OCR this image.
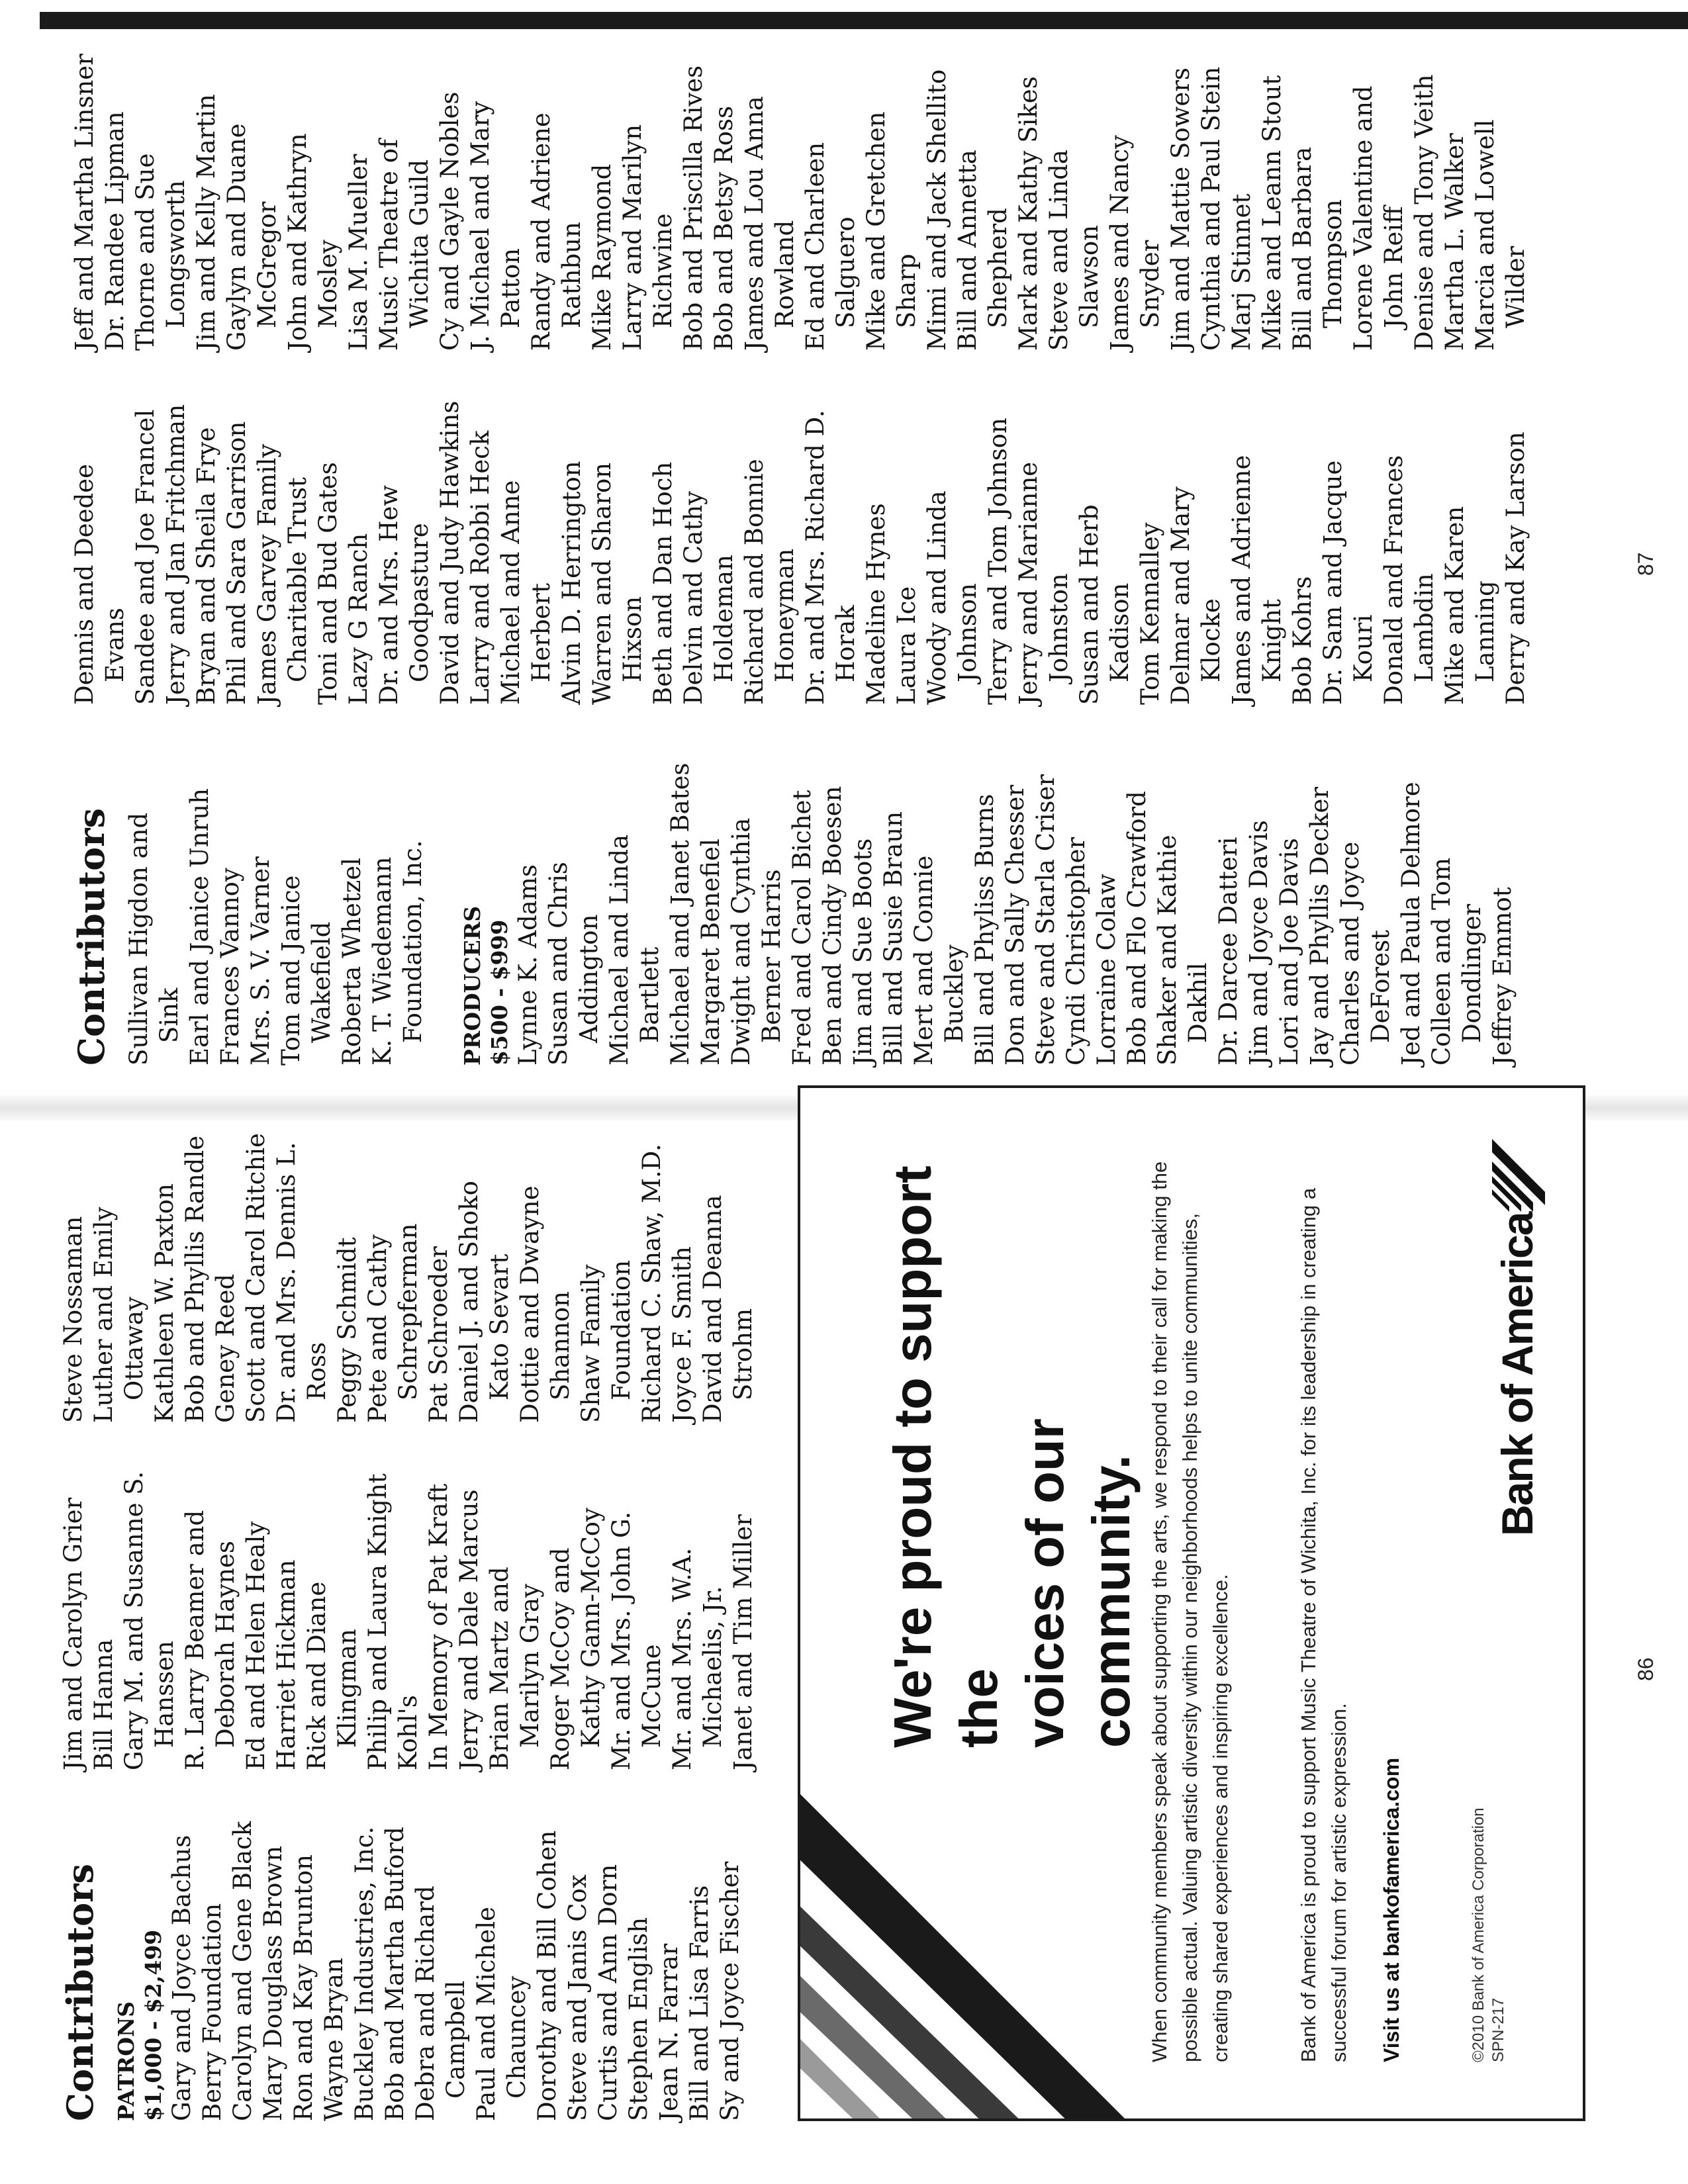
Contributors PATRONS $1,000 - $2,499 Gary and Joyce Bachus Berry Foundation Carolyn and Gene Black Mary Douglass Brown Ron and Kay Brunton Wayne Bryan Buckley Industries, Inc. Bob and Martha Buford Debra and Richard Campbell Paul and Michele Chauncey Dorothy and Bill Cohen Steve and Janis Cox Curtis and Ann Dorn Stephen English Jean N. Farrar Bill and Lisa Farris Sy and Joyce Fischer
Jim and Carolyn Grier Bill Hanna Gary M. and Susanne S. Hanssen R. Larry Beamer and Deborah Haynes Ed and Helen Healy Harriet Hickman Rick and Diane Klingman Philip and Laura Knight Kohl's In Memory of Pat Kraft Jerry and Dale Marcus Brian Martz and Marilyn Gray Roger McCoy and Kathy Gann-McCoy Mr. and Mrs. John G. McCune Mr. and Mrs. W.A. Michaelis, Jr. Janet and Tim Miller
Steve Nossaman Luther and Emily Ottaway Kathleen W. Paxton Bob and Phyllis Randle Geney Reed Scott and Carol Ritchie Dr. and Mrs. Dennis L. Ross Peggy Schmidt Pete and Cathy Schrepferman Pat Schroeder Daniel J. and Shoko Kato Sevart Dottie and Dwayne Shannon Shaw Family Foundation Richard C. Shaw, M.D. Joyce F. Smith David and Deanna Strohm We're proud to support the voices of our community. When community members speak about supporting the arts, we respond to their call for making the possible actual. Valuing artistic diversity within our neighborhoods helps to unite communities, creating shared experiences and inspiring excellence.	Bank of America is proud to support Music Theatre of Wichita, Inc. for its leadership in creating a successful forum for artistic expression. Visit us at bankofamerica.com	©2010 Bank of America Corporation SPN-217
Bank of America
86
Contributors Sullivan Higdon and Sink Earl and Janice Unruh Frances Vannoy Mrs. S. V. Varner Tom and Janice Wakefield Roberta Whetzel K. T. Wiedemann Foundation, Inc. PRODUCERS $500 - $999 Lynne K. Adams Susan and Chris Addington Michael and Linda Bartlett Michael and Janet Bates Margaret Benefiel Dwight and Cynthia Berner Harris Fred and Carol Bichet Ben and Cindy Boesen Jim and Sue Boots Bill and Susie Braun Mert and Connie Buckley Bill and Phyliss Burns Don and Sally Chesser Steve and Starla Criser Cyndi Christopher Lorraine Colaw Bob and Flo Crawford Shaker and Kathie Dakhil Dr. Darcee Datteri Jim and Joyce Davis Lori and Joe Davis Jay and Phyllis Decker Charles and Joyce DeForest Jed and Paula Delmore Colleen and Tom Dondlinger Jeffrey Emmot
Dennis and Deedee Evans Sandee and Joe Francel Jerry and Jan Fritchman Bryan and Sheila Frye Phil and Sara Garrison James Garvey Family Charitable Trust Toni and Bud Gates Lazy G Ranch Dr. and Mrs. Hew Goodpasture David and Judy Hawkins Larry and Robbi Heck Michael and Anne Herbert Alvin D. Herrington Warren and Sharon Hixson Beth and Dan Hoch Delvin and Cathy Holdeman Richard and Bonnie Honeyman Dr. and Mrs. Richard D. Horak Madeline Hynes Laura Ice Woody and Linda Johnson Terry and Tom Johnson Jerry and Marianne Johnston Susan and Herb Kadison Tom Kennalley Delmar and Mary Klocke James and Adrienne Knight Bob Kohrs Dr. Sam and Jacque Kouri Donald and Frances Lambdin Mike and Karen Lanning Derry and Kay Larson
Jeff and Martha Linsner Dr. Randee Lipman Thorne and Sue Longsworth Jim and Kelly Martin Gaylyn and Duane McGregor John and Kathryn Mosley Lisa M. Mueller Music Theatre of Wichita Guild Cy and Gayle Nobles J. Michael and Mary Patton Randy and Adriene Rathbun Mike Raymond Larry and Marilyn Richwine Bob and Priscilla Rives Bob and Betsy Ross James and Lou Anna Rowland Ed and Charleen Salguero Mike and Gretchen Sharp Mimi and Jack Shellito Bill and Annetta Shepherd Mark and Kathy Sikes Steve and Linda Slawson James and Nancy Snyder Jim and Mattie Sowers Cynthia and Paul Stein Marj Stinnet Mike and Leann Stout Bill and Barbara Thompson Lorene Valentine and John Reiff Denise and Tony Veith Martha L. Walker Marcia and Lowell Wilder
87
